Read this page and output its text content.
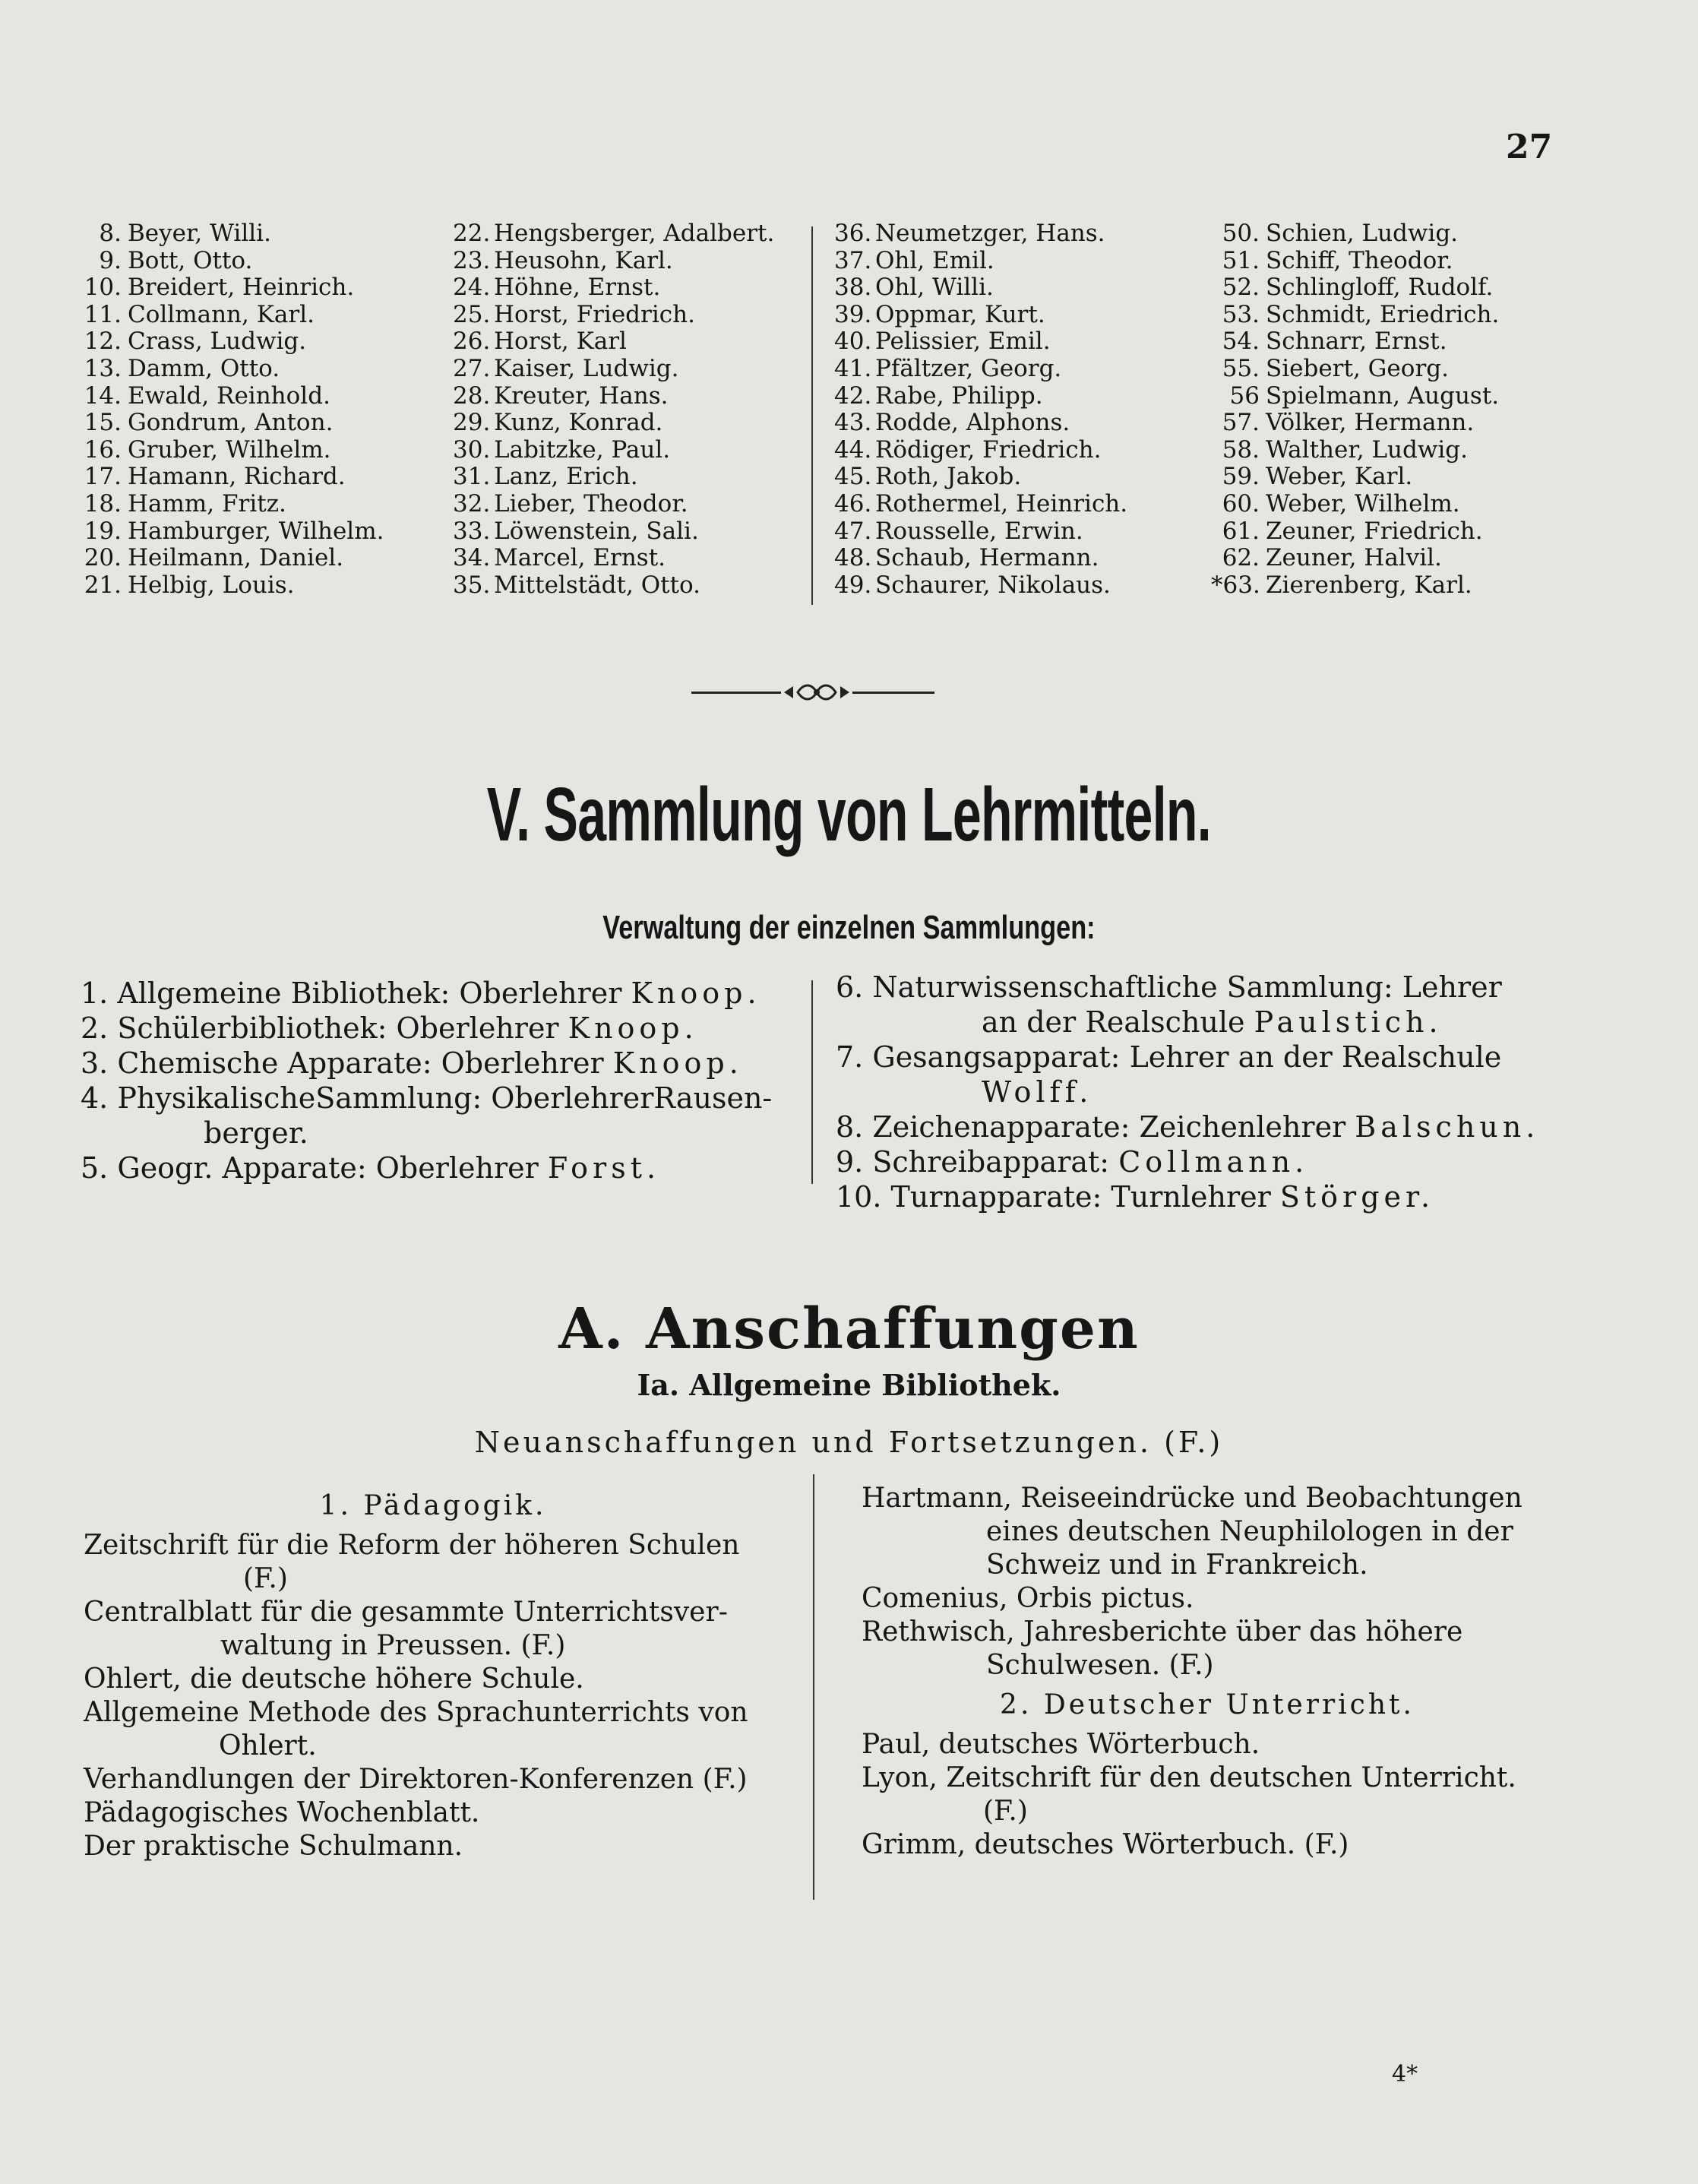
27
8. Beyer, Willi.
9. Bott, Otto.
10. Breidert, Heinrich.
11. Collmann, Karl.
12. Crass, Ludwig.
13. Damm, Otto.
14. Ewald, Reinhold.
15. Gondrum, Anton.
16. Gruber, Wilhelm.
17. Hamann, Richard.
18. Hamm, Fritz.
19. Hamburger, Wilhelm.
20. Heilmann, Daniel.
21. Helbig, Louis.
22. Hengsberger, Adalbert.
23. Heusohn, Karl.
24. Höhne, Ernst.
25. Horst, Friedrich.
26. Horst, Karl
27. Kaiser, Ludwig.
28. Kreuter, Hans.
29. Kunz, Konrad.
30. Labitzke, Paul.
31. Lanz, Erich.
32. Lieber, Theodor.
33. Löwenstein, Sali.
34. Marcel, Ernst.
35. Mittelstädt, Otto.
36. Neumetzger, Hans.
37. Ohl, Emil.
38. Ohl, Willi.
39. Oppmar, Kurt.
40. Pelissier, Emil.
41. Pfältzer, Georg.
42. Rabe, Philipp.
43. Rodde, Alphons.
44. Rödiger, Friedrich.
45. Roth, Jakob.
46. Rothermel, Heinrich.
47. Rousselle, Erwin.
48. Schaub, Hermann.
49. Schaurer, Nikolaus.
50. Schien, Ludwig.
51. Schiff, Theodor.
52. Schlingloff, Rudolf.
53. Schmidt, Eriedrich.
54. Schnarr, Ernst.
55. Siebert, Georg.
56 Spielmann, August.
57. Völker, Hermann.
58. Walther, Ludwig.
59. Weber, Karl.
60. Weber, Wilhelm.
61. Zeuner, Friedrich.
62. Zeuner, Halvil.
*63. Zierenberg, Karl.
V. Sammlung von Lehrmitteln.
Verwaltung der einzelnen Sammlungen:
1. Allgemeine Bibliothek: Oberlehrer Knoop.
2. Schülerbibliothek: Oberlehrer Knoop.
3. Chemische Apparate: Oberlehrer Knoop.
4. PhysikalischeSammlung: OberlehrerRausen-
berger.
5. Geogr. Apparate: Oberlehrer Forst.
6. Naturwissenschaftliche Sammlung: Lehrer
an der Realschule Paulstich.
7. Gesangsapparat: Lehrer an der Realschule
Wolff.
8. Zeichenapparate: Zeichenlehrer Balschun.
9. Schreibapparat: Collmann.
10. Turnapparate: Turnlehrer Störger.
A. Anschaffungen
Ia. Allgemeine Bibliothek.
Neuanschaffungen und Fortsetzungen. (F.)
1. Pädagogik.
Zeitschrift für die Reform der höheren Schulen
(F.)
Centralblatt für die gesammte Unterrichtsver-
waltung in Preussen. (F.)
Ohlert, die deutsche höhere Schule.
Allgemeine Methode des Sprachunterrichts von
Ohlert.
Verhandlungen der Direktoren-Konferenzen (F.)
Pädagogisches Wochenblatt.
Der praktische Schulmann.
Hartmann, Reiseeindrücke und Beobachtungen
eines deutschen Neuphilologen in der
Schweiz und in Frankreich.
Comenius, Orbis pictus.
Rethwisch, Jahresberichte über das höhere
Schulwesen. (F.)
2. Deutscher Unterricht.
Paul, deutsches Wörterbuch.
Lyon, Zeitschrift für den deutschen Unterricht.
(F.)
Grimm, deutsches Wörterbuch. (F.)
4*
